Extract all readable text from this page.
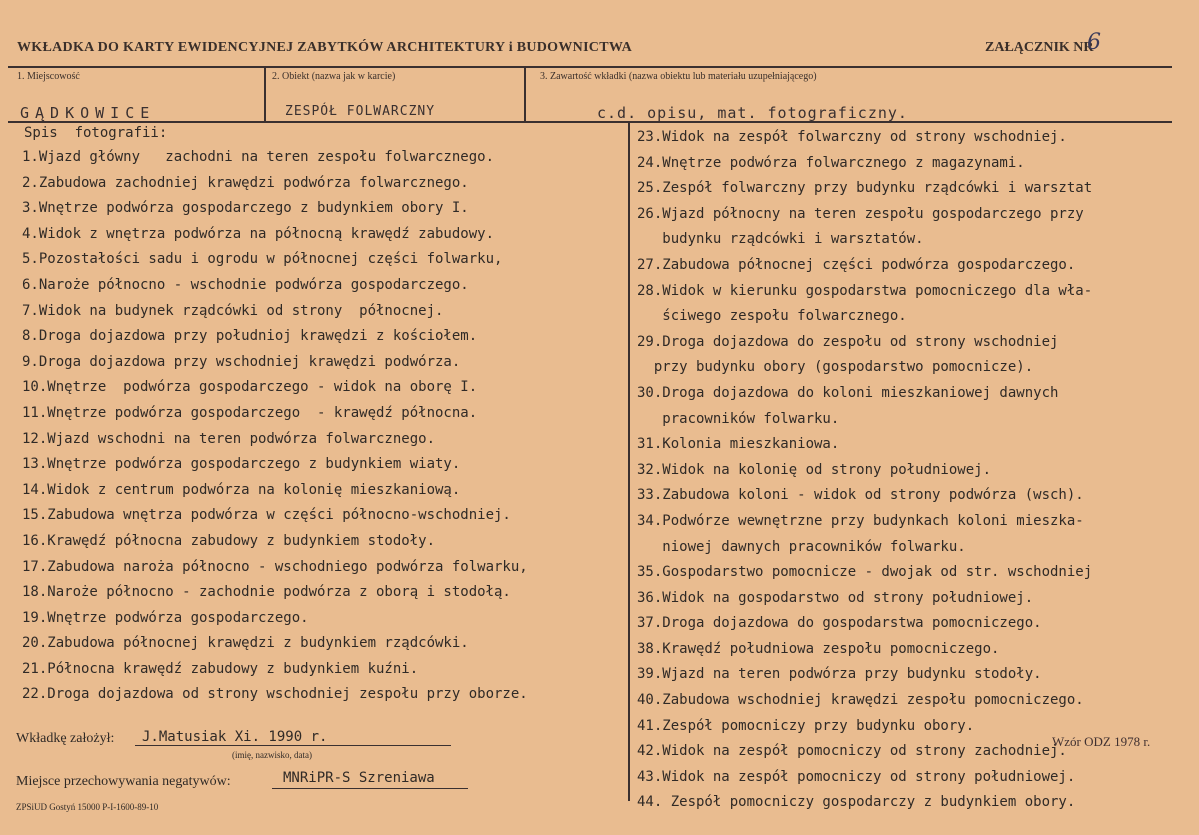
WKŁADKA DO KARTY EWIDENCYJNEJ ZABYTKÓW ARCHITEKTURY i BUDOWNICTWA	ZAŁĄCZNIK NR
6
1. Miejscowość	2. Obiekt (nazwa jak w karcie)	3. Zawartość wkładki (nazwa obiektu lub materiału uzupełniającego)
GĄDKOWICE	ZESPÓŁ FOLWARCZNY	c.d. opisu, mat. fotograficzny.
Spis  fotografii:
1.Wjazd główny   zachodni na teren zespołu folwarcznego.
2.Zabudowa zachodniej krawędzi podwórza folwarcznego.
3.Wnętrze podwórza gospodarczego z budynkiem obory I.
4.Widok z wnętrza podwórza na północną krawędź zabudowy.
5.Pozostałości sadu i ogrodu w północnej części folwarku,
6.Naroże północno - wschodnie podwórza gospodarczego.
7.Widok na budynek rządcówki od strony  północnej.
8.Droga dojazdowa przy południoj krawędzi z kościołem.
9.Droga dojazdowa przy wschodniej krawędzi podwórza.
10.Wnętrze  podwórza gospodarczego - widok na oborę I.
11.Wnętrze podwórza gospodarczego  - krawędź północna.
12.Wjazd wschodni na teren podwórza folwarcznego.
13.Wnętrze podwórza gospodarczego z budynkiem wiaty.
14.Widok z centrum podwórza na kolonię mieszkaniową.
15.Zabudowa wnętrza podwórza w części północno-wschodniej.
16.Krawędź północna zabudowy z budynkiem stodoły.
17.Zabudowa naroża północno - wschodniego podwórza folwarku,
18.Naroże północno - zachodnie podwórza z oborą i stodołą.
19.Wnętrze podwórza gospodarczego.
20.Zabudowa północnej krawędzi z budynkiem rządcówki.
21.Północna krawędź zabudowy z budynkiem kuźni.
22.Droga dojazdowa od strony wschodniej zespołu przy oborze.
23.Widok na zespół folwarczny od strony wschodniej.
24.Wnętrze podwórza folwarcznego z magazynami.
25.Zespół folwarczny przy budynku rządcówki i warsztat
26.Wjazd północny na teren zespołu gospodarczego przy
budynku rządcówki i warsztatów.
27.Zabudowa północnej części podwórza gospodarczego.
28.Widok w kierunku gospodarstwa pomocniczego dla wła-
ściwego zespołu folwarcznego.
29.Droga dojazdowa do zespołu od strony wschodniej
przy budynku obory (gospodarstwo pomocnicze).
30.Droga dojazdowa do koloni mieszkaniowej dawnych
pracowników folwarku.
31.Kolonia mieszkaniowa.
32.Widok na kolonię od strony południowej.
33.Zabudowa koloni - widok od strony podwórza (wsch).
34.Podwórze wewnętrzne przy budynkach koloni mieszka-
niowej dawnych pracowników folwarku.
35.Gospodarstwo pomocnicze - dwojak od str. wschodniej
36.Widok na gospodarstwo od strony południowej.
37.Droga dojazdowa do gospodarstwa pomocniczego.
38.Krawędź południowa zespołu pomocniczego.
39.Wjazd na teren podwórza przy budynku stodoły.
40.Zabudowa wschodniej krawędzi zespołu pomocniczego.
41.Zespół pomocniczy przy budynku obory.
42.Widok na zespół pomocniczy od strony zachodniej.
43.Widok na zespół pomocniczy od strony południowej.
44. Zespół pomocniczy gospodarczy z budynkiem obory.
Wkładkę założył: J.Matusiak Xi. 1990 r.
(imię, nazwisko, data)
Miejsce przechowywania negatywów:	MNRiPR-S Szreniawa
ZPSiUD Gostyń 15000 P-I-1600-89-10
Wzór ODZ 1978 r.
